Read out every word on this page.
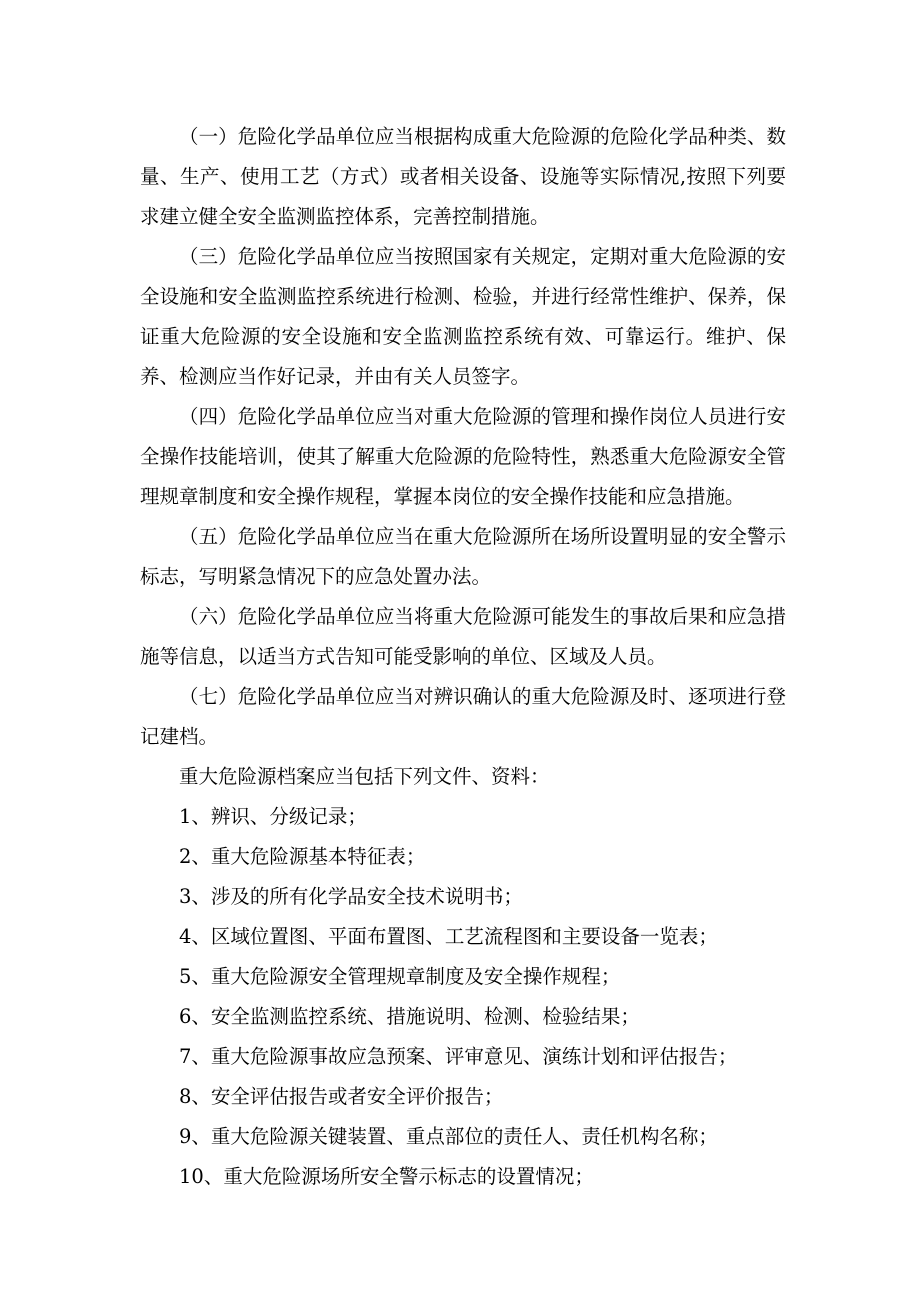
（一）危险化学品单位应当根据构成重大危险源的危险化学品种类、数量、生产、使用工艺（方式）或者相关设备、设施等实际情况,按照下列要求建立健全安全监测监控体系，完善控制措施。

（三）危险化学品单位应当按照国家有关规定，定期对重大危险源的安全设施和安全监测监控系统进行检测、检验，并进行经常性维护、保养，保证重大危险源的安全设施和安全监测监控系统有效、可靠运行。维护、保养、检测应当作好记录，并由有关人员签字。

（四）危险化学品单位应当对重大危险源的管理和操作岗位人员进行安全操作技能培训，使其了解重大危险源的危险特性，熟悉重大危险源安全管理规章制度和安全操作规程，掌握本岗位的安全操作技能和应急措施。

（五）危险化学品单位应当在重大危险源所在场所设置明显的安全警示标志，写明紧急情况下的应急处置办法。

（六）危险化学品单位应当将重大危险源可能发生的事故后果和应急措施等信息，以适当方式告知可能受影响的单位、区域及人员。

（七）危险化学品单位应当对辨识确认的重大危险源及时、逐项进行登记建档。

重大危险源档案应当包括下列文件、资料：

1、辨识、分级记录；

2、重大危险源基本特征表；

3、涉及的所有化学品安全技术说明书；

4、区域位置图、平面布置图、工艺流程图和主要设备一览表；

5、重大危险源安全管理规章制度及安全操作规程；

6、安全监测监控系统、措施说明、检测、检验结果；

7、重大危险源事故应急预案、评审意见、演练计划和评估报告；

8、安全评估报告或者安全评价报告；

9、重大危险源关键装置、重点部位的责任人、责任机构名称；

10、重大危险源场所安全警示标志的设置情况；
